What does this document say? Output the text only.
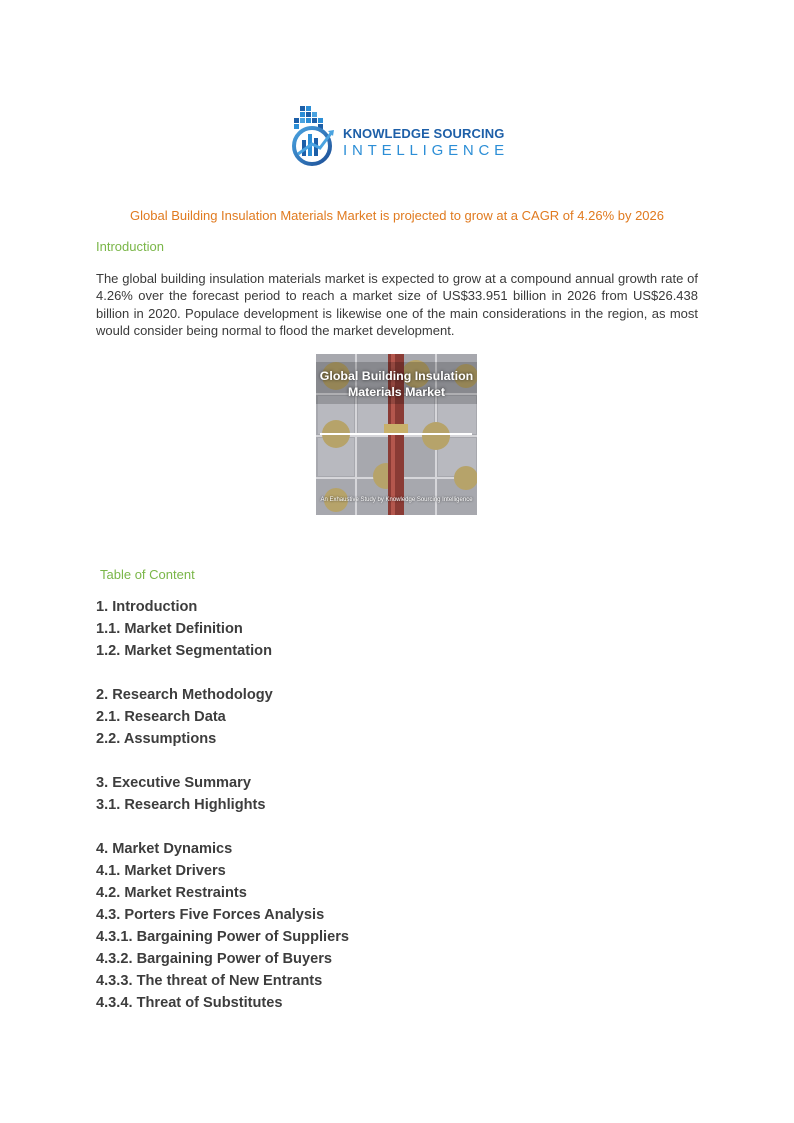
KNOWLEDGE SOURCING
INTELLIGENCE
Global Building Insulation Materials Market is projected to grow at a CAGR of 4.26% by 2026
Introduction

The global building insulation materials market is expected to grow at a compound annual growth rate of 4.26% over the forecast period to reach a market size of US$33.951 billion in 2026 from US$26.438 billion in 2020. Populace development is likewise one of the main considerations in the region, as most would consider being normal to flood the market development.

Global Building Insulation
Materials Market
An Exhaustive Study by Knowledge Sourcing Intelligence
Table of Content
1. Introduction
1.1. Market Definition
1.2. Market Segmentation
2. Research Methodology
2.1. Research Data
2.2. Assumptions
3. Executive Summary
3.1. Research Highlights
4. Market Dynamics
4.1. Market Drivers
4.2. Market Restraints
4.3. Porters Five Forces Analysis
4.3.1. Bargaining Power of Suppliers
4.3.2. Bargaining Power of Buyers
4.3.3. The threat of New Entrants
4.3.4. Threat of Substitutes
